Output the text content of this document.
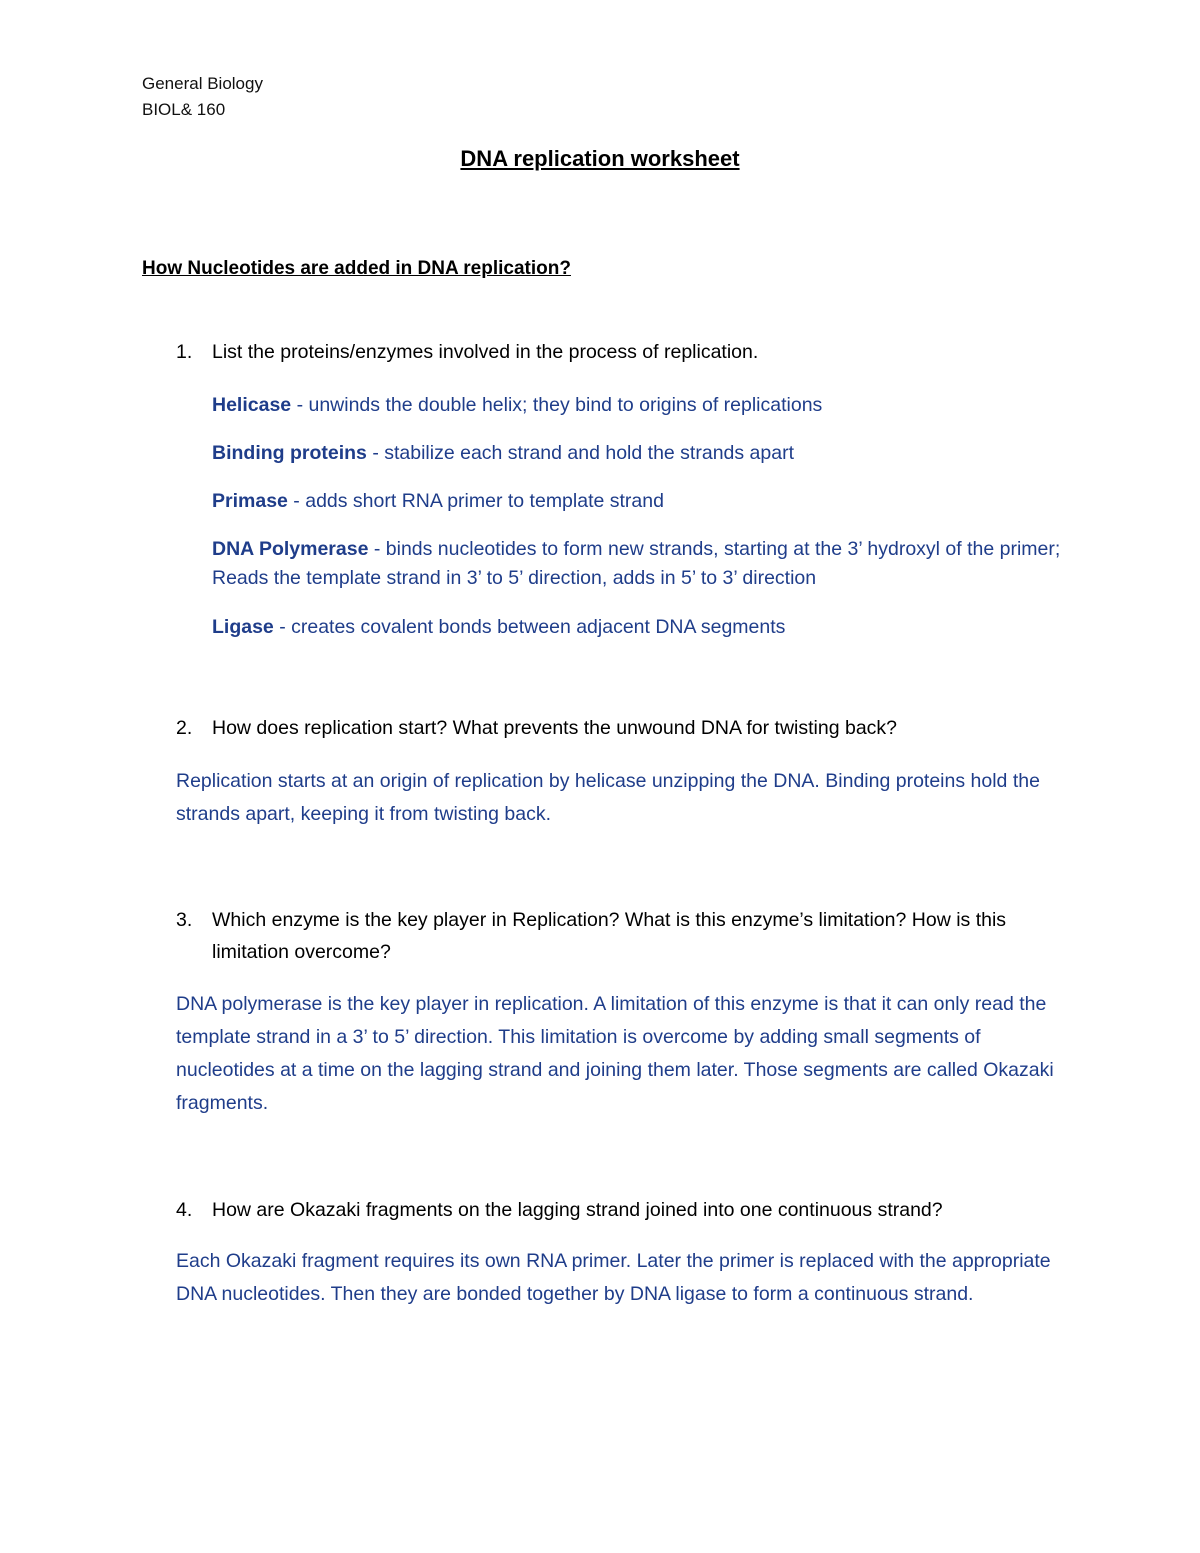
General Biology
BIOL& 160
DNA replication worksheet
How Nucleotides are added in DNA replication?
1. List the proteins/enzymes involved in the process of replication.
Helicase - unwinds the double helix; they bind to origins of replications
Binding proteins - stabilize each strand and hold the strands apart
Primase - adds short RNA primer to template strand
DNA Polymerase - binds nucleotides to form new strands, starting at the 3’ hydroxyl of the primer; Reads the template strand in 3’ to 5’ direction, adds in 5’ to 3’ direction
Ligase - creates covalent bonds between adjacent DNA segments
2. How does replication start? What prevents the unwound DNA for twisting back?
Replication starts at an origin of replication by helicase unzipping the DNA. Binding proteins hold the strands apart, keeping it from twisting back.
3. Which enzyme is the key player in Replication? What is this enzyme’s limitation? How is this limitation overcome?
DNA polymerase is the key player in replication. A limitation of this enzyme is that it can only read the template strand in a 3’ to 5’ direction. This limitation is overcome by adding small segments of nucleotides at a time on the lagging strand and joining them later. Those segments are called Okazaki fragments.
4. How are Okazaki fragments on the lagging strand joined into one continuous strand?
Each Okazaki fragment requires its own RNA primer. Later the primer is replaced with the appropriate DNA nucleotides. Then they are bonded together by DNA ligase to form a continuous strand.
